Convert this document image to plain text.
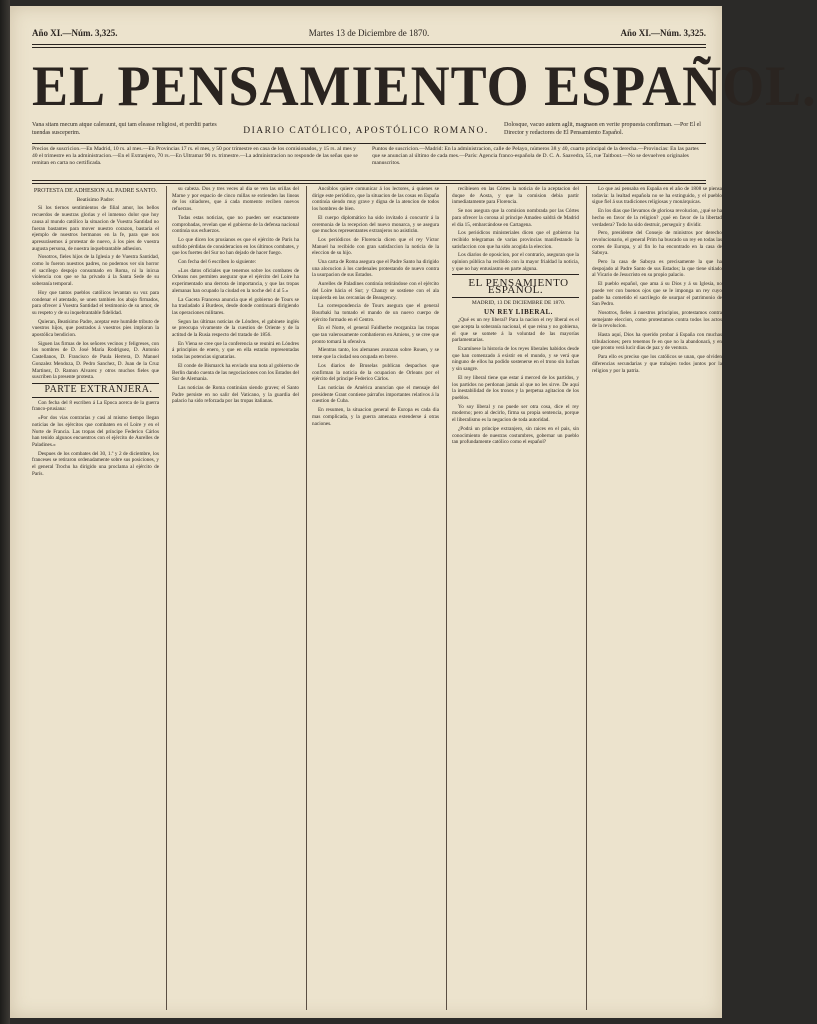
Año XI.—Núm. 3,325.	Martes 13 de Diciembre de 1870.	Año XI.—Núm. 3,325.
EL PENSAMIENTO ESPAÑOL.
Vana sitam mecum atque caleraunt, qui tam eleasse religiosi, et perditi partes tuendas susceperim.	DIARIO CATÓLICO, APOSTÓLICO ROMANO.
Dolosque, vacuo autem aglit, magnaon en verite propuesta confirman. —Por El el Director y redactores de El Pensamiento Español.
Precios de suscricion.—En Madrid, 10 rs. al mes.—En Provincias 17 rs. el mes, y 50 por trimestre en casa de los comisionados, y 15 rs. al mes y 40 el trimestre en la administracion.—En el Extranjero, 70 rs.—En Ultramar 90 rs. trimestre.—La administracion no responde de las señas que se remitan en carta no certificada.
Puntos de suscricion.—Madrid: En la administracion, calle de Pelayo, números 38 y 40, cuarto principal de la derecha.—Provincias: En las partes que se anuncian al último de cada mes.—París: Agencia franco-española de D. C. A. Saavedra, 55, rue Taitbout.—No se devuelven originales manuscritos.

PROTESTA DE ADHESION AL PADRE SANTO.

Beatísimo Padre:

Si los tiernos sentimientos de filial amor, los bellos recuerdos de nuestras glorias y el inmenso dolor que hoy causa al mundo católico la situacion de Vuestra Santidad no fueran bastantes para mover nuestro corazon, bastaria el ejemplo de nuestros hermanos en la fe, para que nos apresurásemos á protestar de nuevo, á los pies de vuestra augusta persona, de nuestra inquebrantable adhesion.

Nosotros, fieles hijos de la Iglesia y de Vuestra Santidad, como lo fueron nuestros padres, no podemos ver sin horror el sacrílego despojo consumado en Roma, ni la inicua violencia con que se ha privado á la Santa Sede de su soberanía temporal.

Hoy que tantos pueblos católicos levantan su voz para condenar el atentado, se unen tambien los abajo firmados, para ofrecer á Vuestra Santidad el testimonio de su amor, de su respeto y de su inquebrantable fidelidad.

Quieran, Beatísimo Padre, aceptar este humilde tributo de vuestros hijos, que postrados á vuestros pies imploran la apostólica bendicion.

Siguen las firmas de los señores vecinos y feligreses, con los nombres de D. José María Rodriguez, D. Antonio Castellanos, D. Francisco de Paula Herrera, D. Manuel Gonzalez Mendoza, D. Pedro Sanchez, D. Juan de la Cruz Martinez, D. Ramon Alvarez y otros muchos fieles que suscriben la presente protesta.

PARTE EXTRANJERA.

Con fecha del 8 escriben á La Epoca acerca de la guerra franco-prusiana:

«Por dos vias contrarias y casi al mismo tiempo llegan noticias de los ejércitos que combaten en el Loire y en el Norte de Francia. Las tropas del príncipe Federico Cárlos han tenido algunos encuentros con el ejército de Aurelles de Paladines.»

Despues de los combates del 30, 1.º y 2 de diciembre, los franceses se retiraron ordenadamente sobre sus posiciones, y el general Trochu ha dirigido una proclama al ejército de París.

su cabeza. Dos y tres veces al dia se ven las orillas del Marne y por espacio de cinco millas se extienden las lineas de los sitiadores, que á cada momento reciben nuevos refuerzos.

Todas estas noticias, que no pueden ser exactamente comprobadas, revelan que el gobierno de la defensa nacional continúa sus esfuerzos.

Lo que dicen los prusianos es que el ejército de París ha sufrido pérdidas de consideracion en los últimos combates, y que los fuertes del Sur no han dejado de hacer fuego.

Con fecha del 6 escriben lo siguiente:

«Los datos oficiales que tenemos sobre los combates de Orleans nos permiten asegurar que el ejército del Loire ha experimentado una derrota de importancia, y que las tropas alemanas han ocupado la ciudad en la noche del 4 al 5.»

La Gaceta Francesa anuncia que el gobierno de Tours se ha trasladado á Burdeos, desde donde continuará dirigiendo las operaciones militares.

Segun las últimas noticias de Lóndres, el gabinete inglés se preocupa vivamente de la cuestion de Oriente y de la actitud de la Rusia respecto del tratado de 1856.

En Viena se cree que la conferencia se reunirá en Lóndres á principios de enero, y que en ella estarán representadas todas las potencias signatarias.

El conde de Bismarck ha enviado una nota al gobierno de Berlin dando cuenta de las negociaciones con los Estados del Sur de Alemania.

Las noticias de Roma continúan siendo graves; el Santo Padre persiste en no salir del Vaticano, y la guardia del palacio ha sido reforzada por las tropas italianas.

Ancóblos quiere comunicar á los lectores, á quienes se dirige este periódico, que la situacion de las cosas en España continúa siendo muy grave y digna de la atencion de todos los hombres de bien.

El cuerpo diplomático ha sido invitado á concurrir á la ceremonia de la recepcion del nuevo monarca, y se asegura que muchos representantes extranjeros no asistirán.

Los periódicos de Florencia dicen que el rey Víctor Manuel ha recibido con gran satisfaccion la noticia de la eleccion de su hijo.

Una carta de Roma asegura que el Padre Santo ha dirigido una alocucion á los cardenales protestando de nuevo contra la usurpacion de sus Estados.

Aurelles de Paladines continúa retirándose con el ejército del Loire hácia el Sur; y Chanzy se sostiene con el ala izquierda en las cercanías de Beaugency.

La correspondencia de Tours asegura que el general Bourbaki ha tomado el mando de un nuevo cuerpo de ejército formado en el Centro.

En el Norte, el general Faidherbe reorganiza las tropas que tan valerosamente combatieron en Amiens, y se cree que pronto tomará la ofensiva.

Mientras tanto, los alemanes avanzan sobre Rouen, y se teme que la ciudad sea ocupada en breve.

Los diarios de Bruselas publican despachos que confirman la noticia de la ocupacion de Orleans por el ejército del príncipe Federico Cárlos.

Las noticias de América anuncian que el mensaje del presidente Grant contiene párrafos importantes relativos á la cuestion de Cuba.

En resumen, la situacion general de Europa es cada dia mas complicada, y la guerra amenaza extenderse á otras naciones.

recibiesen en las Córtes la noticia de la aceptacion del duque de Aosta, y que la comision debia partir inmediatamente para Florencia.

Se nos asegura que la comision nombrada por las Córtes para ofrecer la corona al príncipe Amadeo saldrá de Madrid el dia 15, embarcándose en Cartagena.

Los periódicos ministeriales dicen que el gobierno ha recibido telegramas de varias provincias manifestando la satisfaccion con que ha sido acogida la eleccion.

Los diarios de oposicion, por el contrario, aseguran que la opinion pública ha recibido con la mayor frialdad la noticia, y que no hay entusiasmo en parte alguna.

EL PENSAMIENTO ESPAÑOL.

MADRID, 13 DE DICIEMBRE DE 1870.

UN REY LIBERAL.

¿Qué es un rey liberal? Para la nacion el rey liberal es el que acepta la soberanía nacional, el que reina y no gobierna, el que se somete á la voluntad de las mayorías parlamentarias.

Examínese la historia de los reyes liberales habidos desde que han comenzado á existir en el mundo, y se verá que ninguno de ellos ha podido sostenerse en el trono sin luchas y sin sangre.

El rey liberal tiene que estar á merced de los partidos, y los partidos no perdonan jamás al que no les sirve. De aquí la inestabilidad de los tronos y la perpetua agitacion de los pueblos.

Yo soy liberal y no puede ser otra cosa, dice el rey moderno; pero al decirlo, firma su propia sentencia, porque el liberalismo es la negacion de toda autoridad.

¿Podrá un príncipe extranjero, sin raices en el pais, sin conocimiento de nuestras costumbres, gobernar un pueblo tan profundamente católico como el español?

Lo que así pensaba en España en el año de 1808 se piensa todavía: la lealtad española no se ha extinguido, y el pueblo sigue fiel á sus tradiciones religiosas y monárquicas.

En los dias que llevamos de gloriosa revolucion, ¿qué se ha hecho en favor de la religion? ¿qué en favor de la libertad verdadera? Todo ha sido destruir, perseguir y dividir.

Pero, presidente del Consejo de ministros por derecho revolucionario, el general Prim ha buscado un rey en todas las cortes de Europa, y al fin lo ha encontrado en la casa de Saboya.

Pero la casa de Saboya es precisamente la que ha despojado al Padre Santo de sus Estados; la que tiene sitiado al Vicario de Jesucristo en su propio palacio.

El pueblo español, que ama á su Dios y á su Iglesia, no puede ver con buenos ojos que se le imponga un rey cuyo padre ha cometido el sacrilegio de usurpar el patrimonio de San Pedro.

Nosotros, fieles á nuestros principios, protestamos contra semejante eleccion, como protestamos contra todos los actos de la revolucion.

Hasta aquí, Dios ha querido probar á España con muchas tribulaciones; pero tenemos fe en que no la abandonará, y en que pronto verá lucir dias de paz y de ventura.

Para ello es preciso que los católicos se unan, que olviden diferencias secundarias y que trabajen todos juntos por la religion y por la patria.
